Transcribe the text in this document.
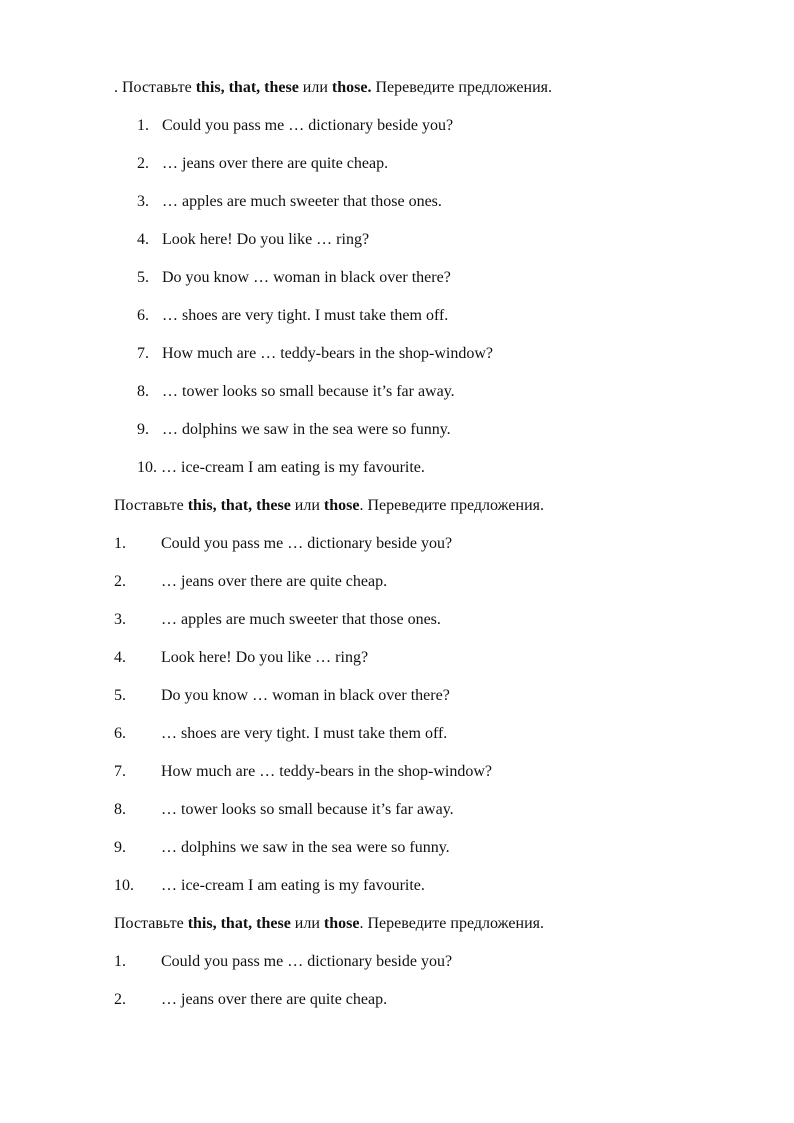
. Поставьте this, that, these или those. Переведите предложения.
1. Could you pass me … dictionary beside you?
2. … jeans over there are quite cheap.
3. … apples are much sweeter that those ones.
4. Look here! Do you like … ring?
5. Do you know … woman in black over there?
6. … shoes are very tight. I must take them off.
7. How much are … teddy-bears in the shop-window?
8. … tower looks so small because it’s far away.
9. … dolphins we saw in the sea were so funny.
10. … ice-cream I am eating is my favourite.
Поставьте this, that, these или those. Переведите предложения.
1. Could you pass me … dictionary beside you?
2. … jeans over there are quite cheap.
3. … apples are much sweeter that those ones.
4. Look here! Do you like … ring?
5. Do you know … woman in black over there?
6. … shoes are very tight. I must take them off.
7. How much are … teddy-bears in the shop-window?
8. … tower looks so small because it’s far away.
9. … dolphins we saw in the sea were so funny.
10. … ice-cream I am eating is my favourite.
Поставьте this, that, these или those. Переведите предложения.
1. Could you pass me … dictionary beside you?
2. … jeans over there are quite cheap.
